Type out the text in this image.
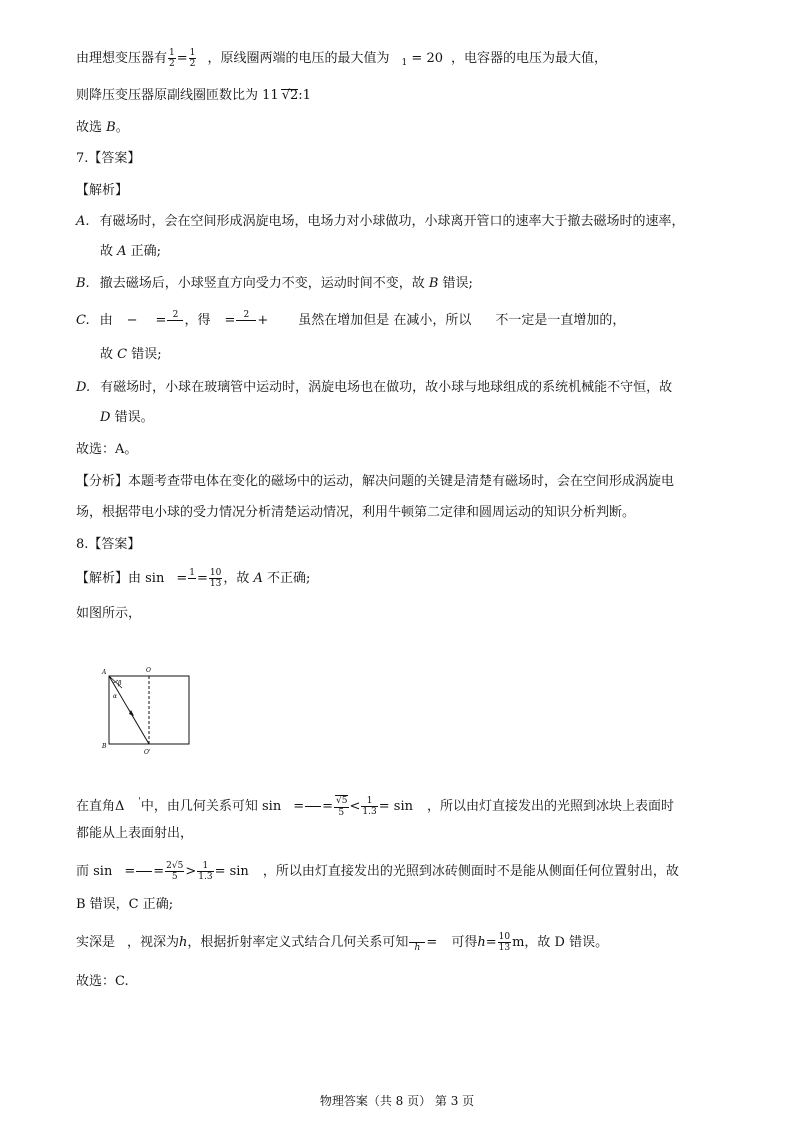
由理想变压器有 $\frac{1}{2} = \frac{1}{2}$ ，原线圈两端的电压的最大值为 $_1$ = 20 ，电容器的电压为最大值，
则降压变压器原副线圈匝数比为 11 √2:1
故选 B。
7.【答案】
【解析】
A. 有磁场时，会在空间形成涡旋电场，电场力对小球做功，小球离开管口的速率大于撤去磁场时的速率，
故 A 正确;
B. 撤去磁场后，小球竖直方向受力不变，运动时间不变，故 B 错误;
C. 由 − = 2
，得 = 2
+ 虽然在增加但是 在减小，所以 不一定是一直增加的，
故 C 错误;
D. 有磁场时，小球在玻璃管中运动时，涡旋电场也在做功，故小球与地球组成的系统机械能不守恒，故
D 错误。
故选：A。
【分析】本题考查带电体在变化的磁场中的运动，解决问题的关键是清楚有磁场时，会在空间形成涡旋电
场，根据带电小球的受力情况分析清楚运动情况，利用牛顿第二定律和圆周运动的知识分析判断。
8.【答案】
【解析】由 sin = 1
= $\frac{10}{13}$ ，故 A 不正确;
如图所示，
A	O
B
O'
β
α
在直角Δ '中，由几何关系可知 sin =

= $\frac{√5}{5} < \frac{1}{1.3} = \sin$ ，所以由灯直接发出的光照到冰块上表面时
都能从上表面射出，
而 sin =

= $\frac{2√5}{5} > \frac{1}{1.3} = \sin$ ，所以由灯直接发出的光照到冰砖侧面时不是能从侧面任何位置射出，故
B 错误，C 正确;
实深是 ，视深为h，根据折射率定义式结合几何关系可知
h = 可得$h= \frac{10}{13}$ m，故 D 错误。
故选：C.
物理答案（共 8 页） 第 3 页
